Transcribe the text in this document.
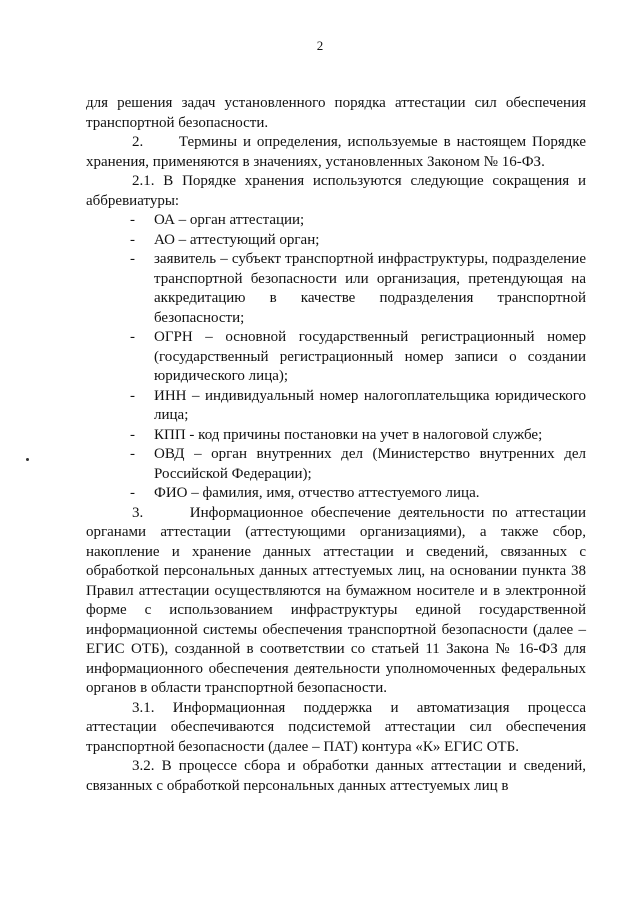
2

для решения задач установленного порядка аттестации сил обеспечения транспортной безопасности.

2.      Термины и определения, используемые в настоящем Порядке хранения, применяются в значениях, установленных Законом № 16-ФЗ.

2.1. В Порядке хранения используются следующие сокращения и аббревиатуры:

- ОА – орган аттестации;
- АО – аттестующий орган;
- заявитель – субъект транспортной инфраструктуры, подразделение транспортной безопасности или организация, претендующая на аккредитацию в качестве подразделения транспортной безопасности;
- ОГРН – основной государственный регистрационный номер (государственный регистрационный номер записи о создании юридического лица);
- ИНН – индивидуальный номер налогоплательщика юридического лица;
- КПП - код причины постановки на учет в налоговой службе;
- ОВД – орган внутренних дел (Министерство внутренних дел Российской Федерации);
- ФИО – фамилия, имя, отчество аттестуемого лица.

3.      Информационное обеспечение деятельности по аттестации органами аттестации (аттестующими организациями), а также сбор, накопление и хранение данных аттестации и сведений, связанных с обработкой персональных данных аттестуемых лиц, на основании пункта 38 Правил аттестации осуществляются на бумажном носителе и в электронной форме с использованием инфраструктуры единой государственной информационной системы обеспечения транспортной безопасности (далее – ЕГИС ОТБ), созданной в соответствии со статьей 11 Закона № 16-ФЗ для информационного обеспечения деятельности уполномоченных федеральных органов в области транспортной безопасности.

3.1. Информационная поддержка и автоматизация процесса аттестации обеспечиваются подсистемой аттестации сил обеспечения транспортной безопасности (далее – ПАТ) контура «К» ЕГИС ОТБ.

3.2. В процессе сбора и обработки данных аттестации и сведений, связанных с обработкой персональных данных аттестуемых лиц в
